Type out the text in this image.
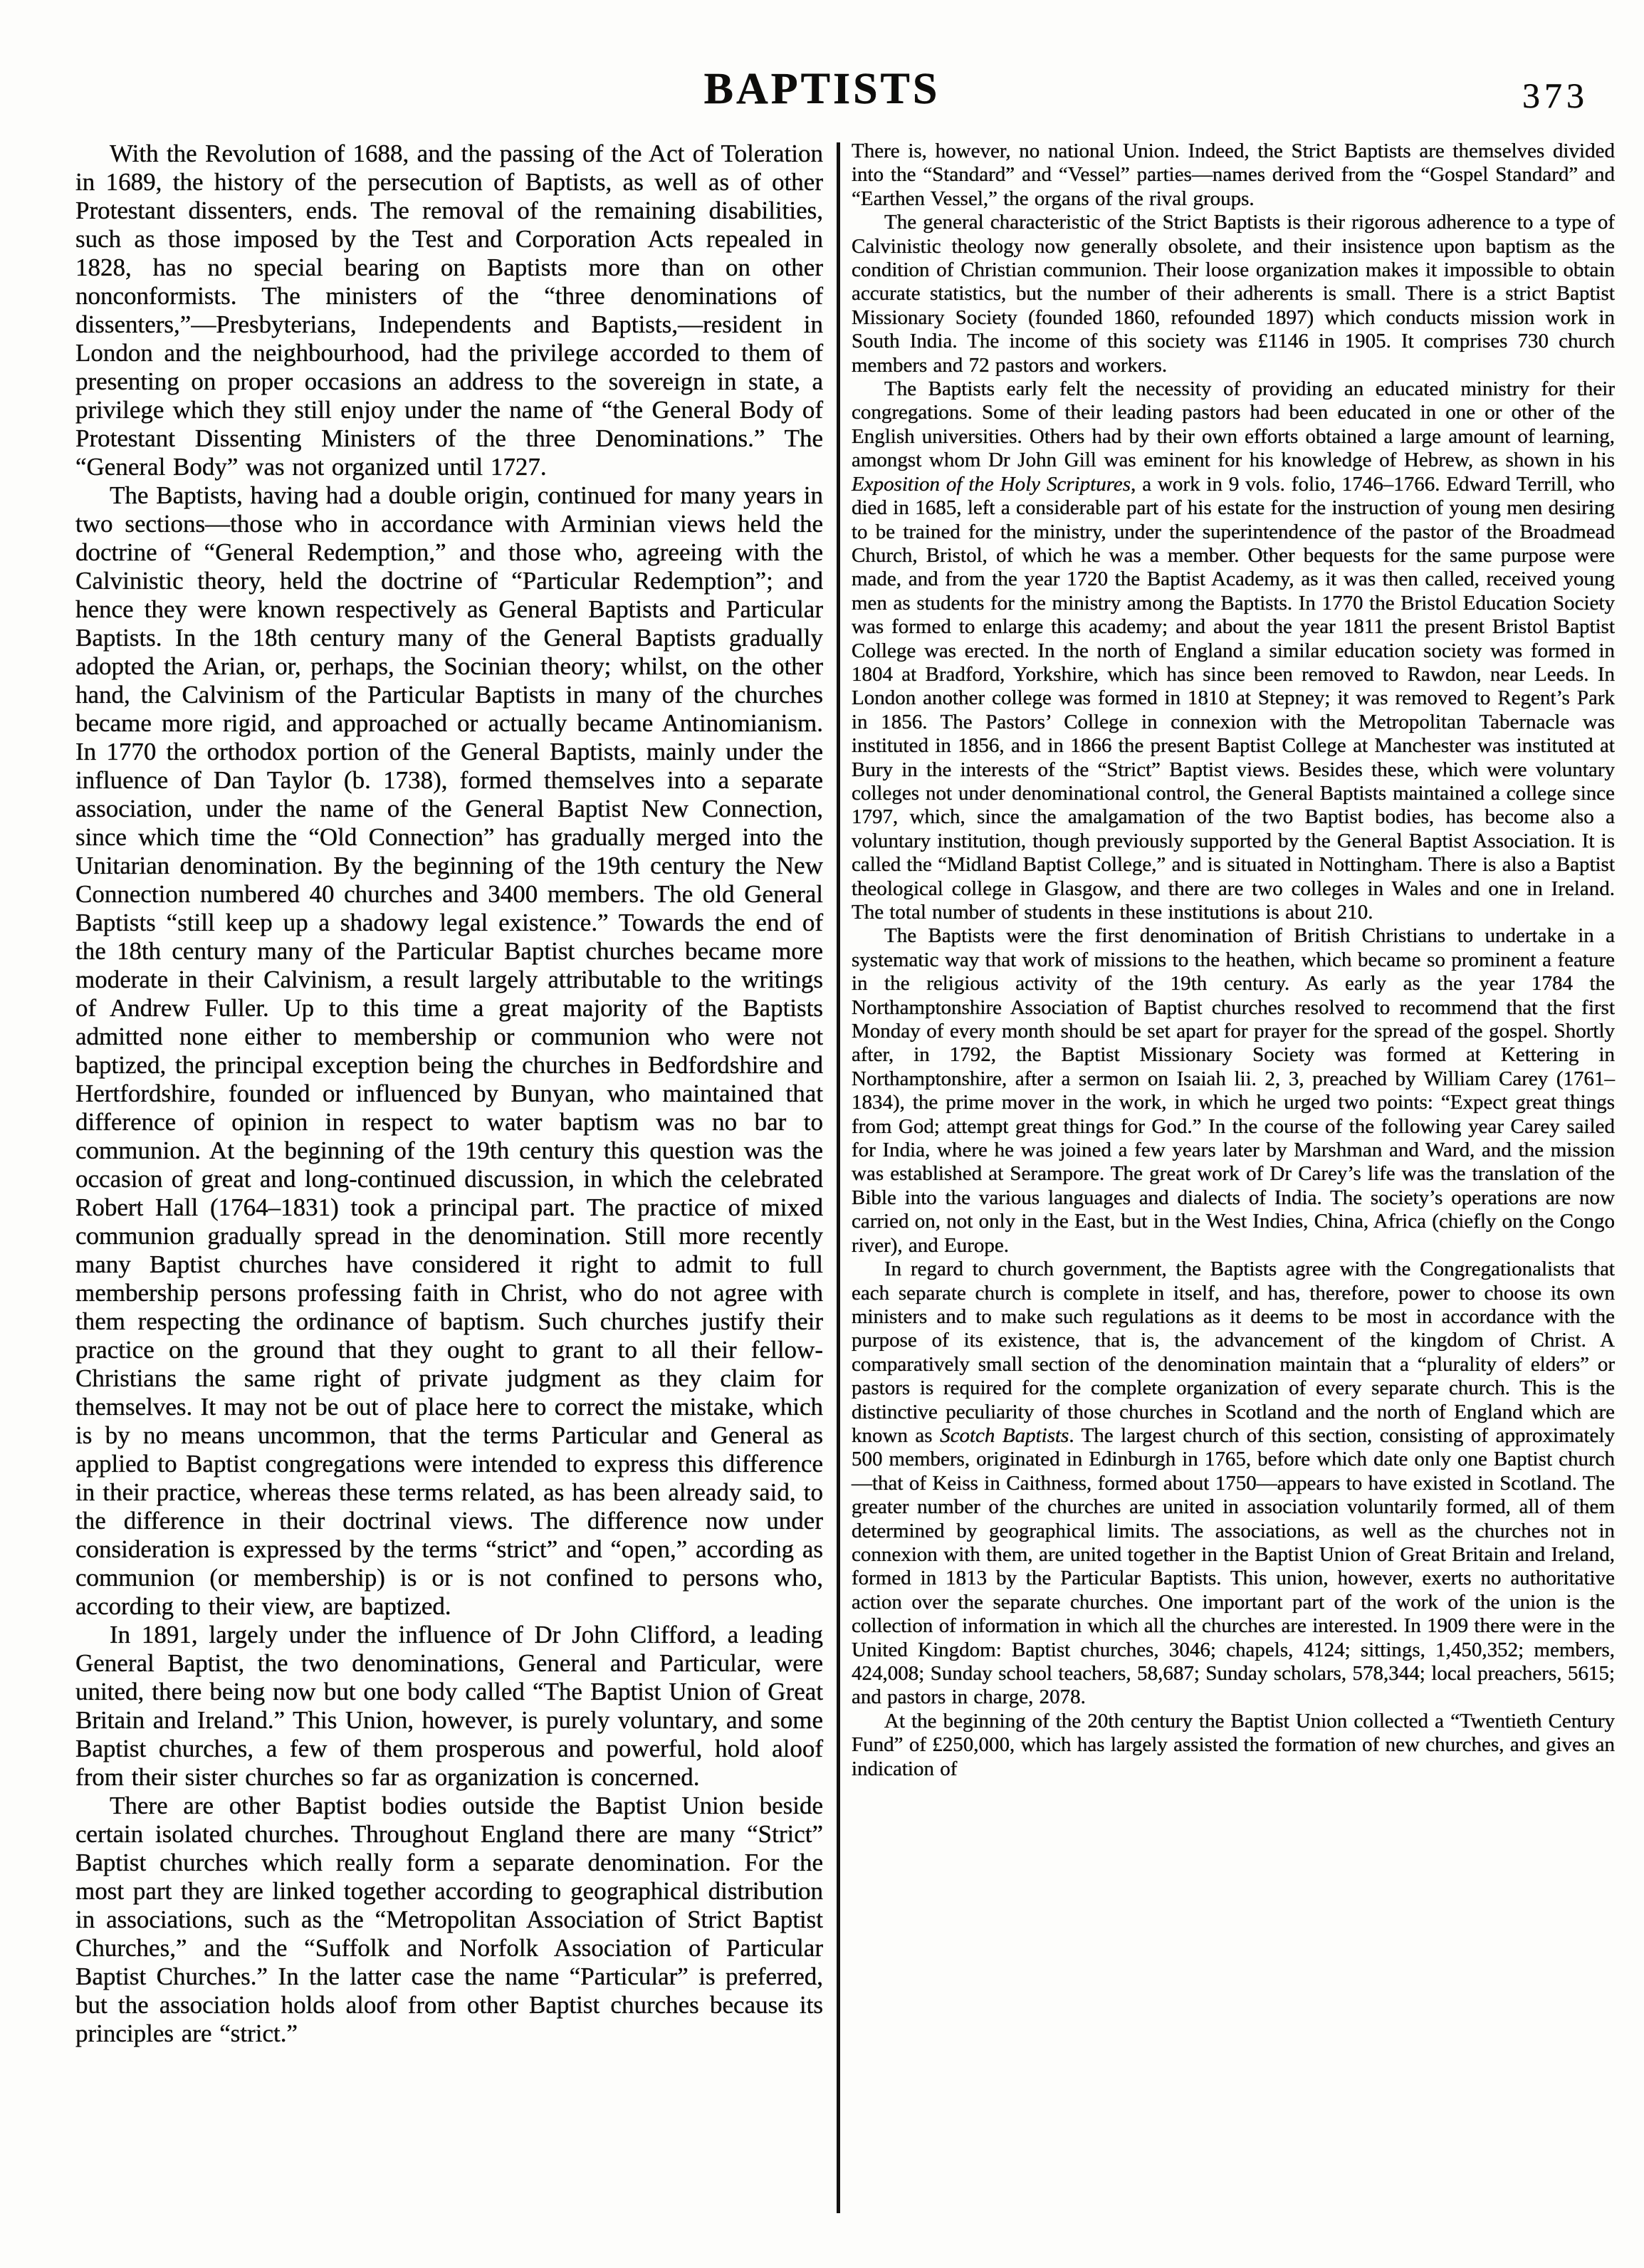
BAPTISTS	373

With the Revolution of 1688, and the passing of the Act of Toleration in 1689, the history of the persecution of Baptists, as well as of other Protestant dissenters, ends. The removal of the remaining disabilities, such as those imposed by the Test and Corporation Acts repealed in 1828, has no special bearing on Baptists more than on other nonconformists. The ministers of the “three denominations of dissenters,”—Presbyterians, Independents and Baptists,—resident in London and the neighbourhood, had the privilege accorded to them of presenting on proper occasions an address to the sovereign in state, a privilege which they still enjoy under the name of “the General Body of Protestant Dissenting Ministers of the three Denominations.” The “General Body” was not organized until 1727.

The Baptists, having had a double origin, continued for many years in two sections—those who in accordance with Arminian views held the doctrine of “General Redemption,” and those who, agreeing with the Calvinistic theory, held the doctrine of “Particular Redemption”; and hence they were known respectively as General Baptists and Particular Baptists. In the 18th century many of the General Baptists gradually adopted the Arian, or, perhaps, the Socinian theory; whilst, on the other hand, the Calvinism of the Particular Baptists in many of the churches became more rigid, and approached or actually became Antinomianism. In 1770 the orthodox portion of the General Baptists, mainly under the influence of Dan Taylor (b. 1738), formed themselves into a separate association, under the name of the General Baptist New Connection, since which time the “Old Connection” has gradually merged into the Unitarian denomination. By the beginning of the 19th century the New Connection numbered 40 churches and 3400 members. The old General Baptists “still keep up a shadowy legal existence.” Towards the end of the 18th century many of the Particular Baptist churches became more moderate in their Calvinism, a result largely attributable to the writings of Andrew Fuller. Up to this time a great majority of the Baptists admitted none either to membership or communion who were not baptized, the principal exception being the churches in Bedfordshire and Hertfordshire, founded or influenced by Bunyan, who maintained that difference of opinion in respect to water baptism was no bar to communion. At the beginning of the 19th century this question was the occasion of great and long-continued discussion, in which the celebrated Robert Hall (1764–1831) took a principal part. The practice of mixed communion gradually spread in the denomination. Still more recently many Baptist churches have considered it right to admit to full membership persons professing faith in Christ, who do not agree with them respecting the ordinance of baptism. Such churches justify their practice on the ground that they ought to grant to all their fellow-Christians the same right of private judgment as they claim for themselves. It may not be out of place here to correct the mistake, which is by no means uncommon, that the terms Particular and General as applied to Baptist congregations were intended to express this difference in their practice, whereas these terms related, as has been already said, to the difference in their doctrinal views. The difference now under consideration is expressed by the terms “strict” and “open,” according as communion (or membership) is or is not confined to persons who, according to their view, are baptized.

In 1891, largely under the influence of Dr John Clifford, a leading General Baptist, the two denominations, General and Particular, were united, there being now but one body called “The Baptist Union of Great Britain and Ireland.” This Union, however, is purely voluntary, and some Baptist churches, a few of them prosperous and powerful, hold aloof from their sister churches so far as organization is concerned.

There are other Baptist bodies outside the Baptist Union beside certain isolated churches. Throughout England there are many “Strict” Baptist churches which really form a separate denomination. For the most part they are linked together according to geographical distribution in associations, such as the “Metropolitan Association of Strict Baptist Churches,” and the “Suffolk and Norfolk Association of Particular Baptist Churches.” In the latter case the name “Particular” is preferred, but the association holds aloof from other Baptist churches because its principles are “strict.”

There is, however, no national Union. Indeed, the Strict Baptists are themselves divided into the “Standard” and “Vessel” parties—names derived from the “Gospel Standard” and “Earthen Vessel,” the organs of the rival groups.

The general characteristic of the Strict Baptists is their rigorous adherence to a type of Calvinistic theology now generally obsolete, and their insistence upon baptism as the condition of Christian communion. Their loose organization makes it impossible to obtain accurate statistics, but the number of their adherents is small. There is a strict Baptist Missionary Society (founded 1860, refounded 1897) which conducts mission work in South India. The income of this society was £1146 in 1905. It comprises 730 church members and 72 pastors and workers.

The Baptists early felt the necessity of providing an educated ministry for their congregations. Some of their leading pastors had been educated in one or other of the English universities. Others had by their own efforts obtained a large amount of learning, amongst whom Dr John Gill was eminent for his knowledge of Hebrew, as shown in his Exposition of the Holy Scriptures, a work in 9 vols. folio, 1746–1766. Edward Terrill, who died in 1685, left a considerable part of his estate for the instruction of young men desiring to be trained for the ministry, under the superintendence of the pastor of the Broadmead Church, Bristol, of which he was a member. Other bequests for the same purpose were made, and from the year 1720 the Baptist Academy, as it was then called, received young men as students for the ministry among the Baptists. In 1770 the Bristol Education Society was formed to enlarge this academy; and about the year 1811 the present Bristol Baptist College was erected. In the north of England a similar education society was formed in 1804 at Bradford, Yorkshire, which has since been removed to Rawdon, near Leeds. In London another college was formed in 1810 at Stepney; it was removed to Regent’s Park in 1856. The Pastors’ College in connexion with the Metropolitan Tabernacle was instituted in 1856, and in 1866 the present Baptist College at Manchester was instituted at Bury in the interests of the “Strict” Baptist views. Besides these, which were voluntary colleges not under denominational control, the General Baptists maintained a college since 1797, which, since the amalgamation of the two Baptist bodies, has become also a voluntary institution, though previously supported by the General Baptist Association. It is called the “Midland Baptist College,” and is situated in Nottingham. There is also a Baptist theological college in Glasgow, and there are two colleges in Wales and one in Ireland. The total number of students in these institutions is about 210.

The Baptists were the first denomination of British Christians to undertake in a systematic way that work of missions to the heathen, which became so prominent a feature in the religious activity of the 19th century. As early as the year 1784 the Northamptonshire Association of Baptist churches resolved to recommend that the first Monday of every month should be set apart for prayer for the spread of the gospel. Shortly after, in 1792, the Baptist Missionary Society was formed at Kettering in Northamptonshire, after a sermon on Isaiah lii. 2, 3, preached by William Carey (1761–1834), the prime mover in the work, in which he urged two points: “Expect great things from God; attempt great things for God.” In the course of the following year Carey sailed for India, where he was joined a few years later by Marshman and Ward, and the mission was established at Serampore. The great work of Dr Carey’s life was the translation of the Bible into the various languages and dialects of India. The society’s operations are now carried on, not only in the East, but in the West Indies, China, Africa (chiefly on the Congo river), and Europe.

In regard to church government, the Baptists agree with the Congregationalists that each separate church is complete in itself, and has, therefore, power to choose its own ministers and to make such regulations as it deems to be most in accordance with the purpose of its existence, that is, the advancement of the kingdom of Christ. A comparatively small section of the denomination maintain that a “plurality of elders” or pastors is required for the complete organization of every separate church. This is the distinctive peculiarity of those churches in Scotland and the north of England which are known as Scotch Baptists. The largest church of this section, consisting of approximately 500 members, originated in Edinburgh in 1765, before which date only one Baptist church—that of Keiss in Caithness, formed about 1750—appears to have existed in Scotland. The greater number of the churches are united in association voluntarily formed, all of them determined by geographical limits. The associations, as well as the churches not in connexion with them, are united together in the Baptist Union of Great Britain and Ireland, formed in 1813 by the Particular Baptists. This union, however, exerts no authoritative action over the separate churches. One important part of the work of the union is the collection of information in which all the churches are interested. In 1909 there were in the United Kingdom: Baptist churches, 3046; chapels, 4124; sittings, 1,450,352; members, 424,008; Sunday school teachers, 58,687; Sunday scholars, 578,344; local preachers, 5615; and pastors in charge, 2078.

At the beginning of the 20th century the Baptist Union collected a “Twentieth Century Fund” of £250,000, which has largely assisted the formation of new churches, and gives an indication of
